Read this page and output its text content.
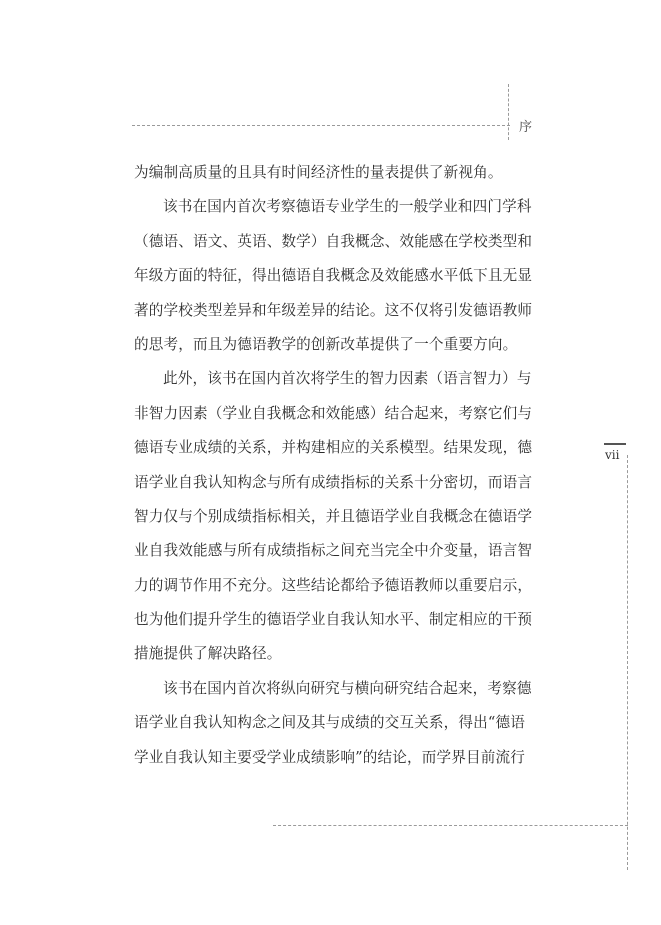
序
vii
为编制高质量的且具有时间经济性的量表提供了新视角。
该书在国内首次考察德语专业学生的一般学业和四门学科
（德语、语文、英语、数学）自我概念、效能感在学校类型和
年级方面的特征，得出德语自我概念及效能感水平低下且无显
著的学校类型差异和年级差异的结论。这不仅将引发德语教师
的思考，而且为德语教学的创新改革提供了一个重要方向。
此外，该书在国内首次将学生的智力因素（语言智力）与
非智力因素（学业自我概念和效能感）结合起来，考察它们与
德语专业成绩的关系，并构建相应的关系模型。结果发现，德
语学业自我认知构念与所有成绩指标的关系十分密切，而语言
智力仅与个别成绩指标相关，并且德语学业自我概念在德语学
业自我效能感与所有成绩指标之间充当完全中介变量，语言智
力的调节作用不充分。这些结论都给予德语教师以重要启示，
也为他们提升学生的德语学业自我认知水平、制定相应的干预
措施提供了解决路径。
该书在国内首次将纵向研究与横向研究结合起来，考察德
语学业自我认知构念之间及其与成绩的交互关系，得出“德语
学业自我认知主要受学业成绩影响”的结论，而学界目前流行
